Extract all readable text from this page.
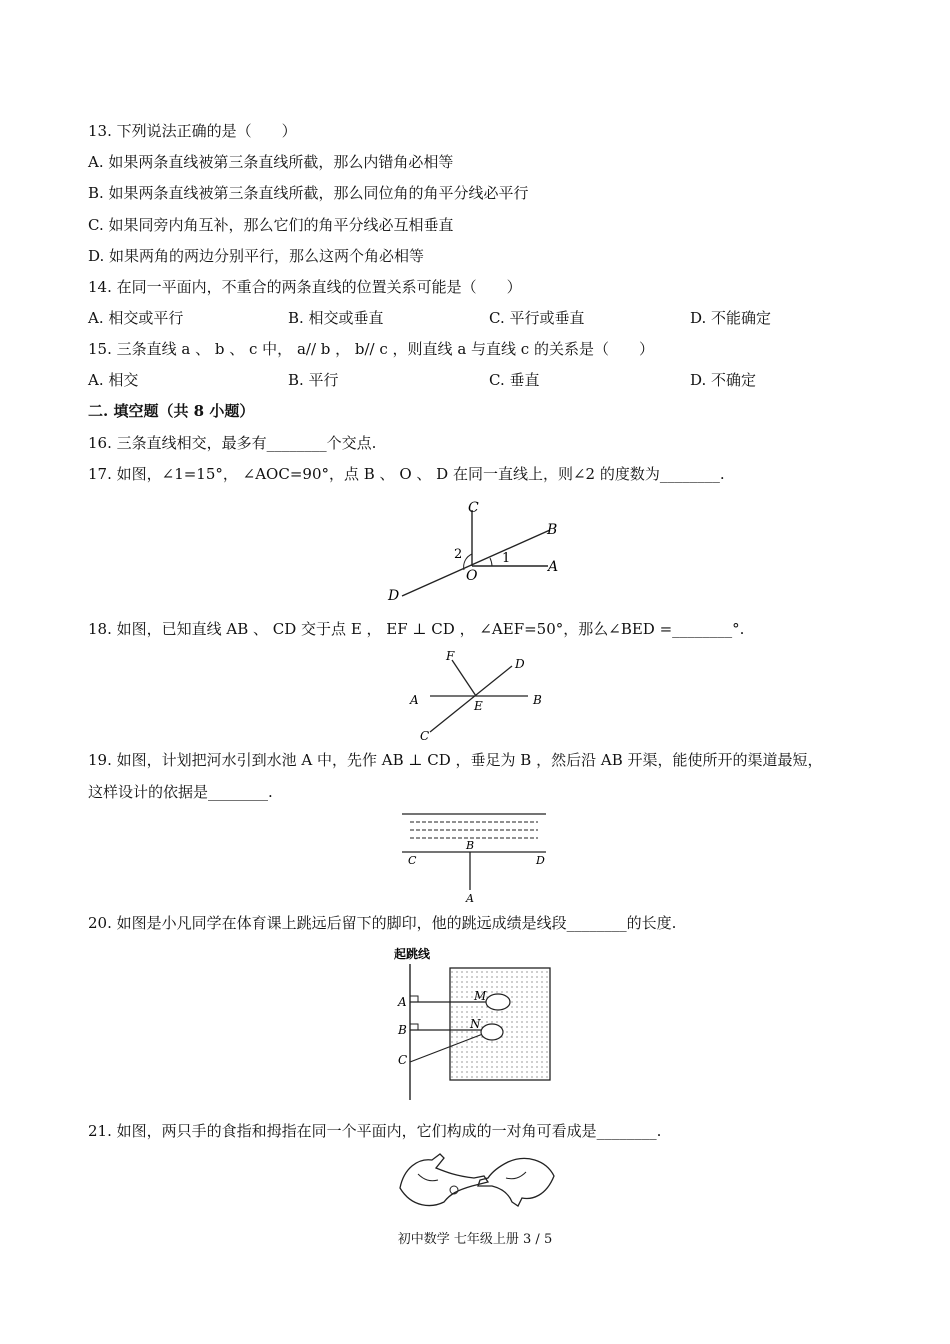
13. 下列说法正确的是（　　）
A. 如果两条直线被第三条直线所截，那么内错角必相等
B. 如果两条直线被第三条直线所截，那么同位角的角平分线必平行
C. 如果同旁内角互补，那么它们的角平分线必互相垂直
D. 如果两角的两边分别平行，那么这两个角必相等
14. 在同一平面内，不重合的两条直线的位置关系可能是（　　）
A. 相交或平行	B. 相交或垂直	C. 平行或垂直	D. 不能确定
15. 三条直线 a 、 b 、 c 中， a// b ， b// c ，则直线 a 与直线 c 的关系是（　　）
A. 相交	B. 平行	C. 垂直	D. 不确定
二. 填空题（共 8 小题）
16. 三条直线相交，最多有________个交点.
17. 如图，∠1=15°， ∠AOC=90°，点 B 、 O 、 D 在同一直线上，则∠2 的度数为________.
C
B
2	1
O
A
D
18. 如图，已知直线 AB 、 CD 交于点 E ， EF ⊥ CD ， ∠AEF=50°，那么∠BED =________°.
F
D
A	E	B
C
19. 如图，计划把河水引到水池 A 中，先作 AB ⊥ CD ，垂足为 B ，然后沿 AB 开渠，能使所开的渠道最短，
这样设计的依据是________.
B
C	D
A
20. 如图是小凡同学在体育课上跳远后留下的脚印，他的跳远成绩是线段________的长度.
起跳线
A
B
C
M
N
21. 如图，两只手的食指和拇指在同一个平面内，它们构成的一对角可看成是________.
初中数学 七年级上册 3 / 5
